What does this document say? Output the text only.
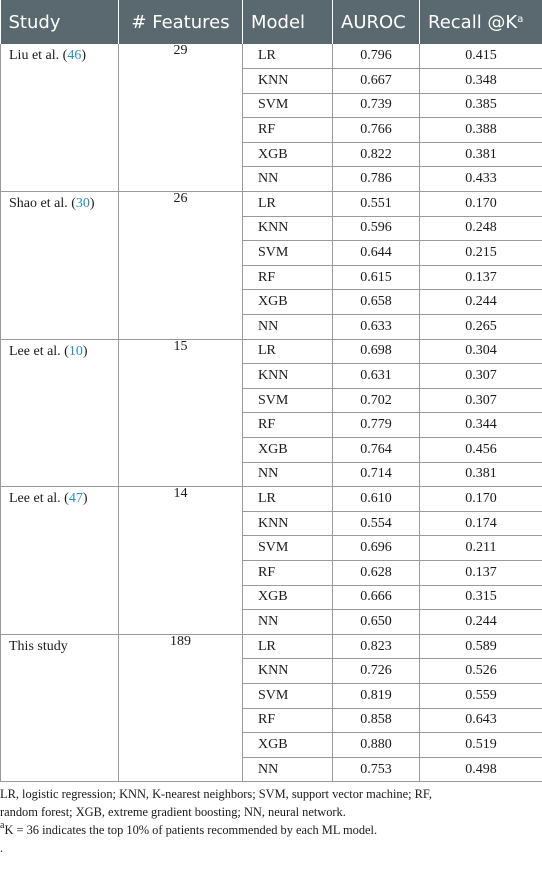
Study	# Features	Model	AUROC	Recall $@K^a$
Liu et al. (46)	29	LR	0.796	0.415
		KNN	0.667	0.348
		SVM	0.739	0.385
		RF	0.766	0.388
		XGB	0.822	0.381
		NN	0.786	0.433
Shao et al. (30)	26	LR	0.551	0.170
		KNN	0.596	0.248
		SVM	0.644	0.215
		RF	0.615	0.137
		XGB	0.658	0.244
		NN	0.633	0.265
Lee et al. (10)	15	LR	0.698	0.304
		KNN	0.631	0.307
		SVM	0.702	0.307
		RF	0.779	0.344
		XGB	0.764	0.456
		NN	0.714	0.381
Lee et al. (47)	14	LR	0.610	0.170
		KNN	0.554	0.174
		SVM	0.696	0.211
		RF	0.628	0.137
		XGB	0.666	0.315
		NN	0.650	0.244
This study	189	LR	0.823	0.589
		KNN	0.726	0.526
		SVM	0.819	0.559
		RF	0.858	0.643
		XGB	0.880	0.519
		NN	0.753	0.498

LR, logistic regression; KNN, K-nearest neighbors; SVM, support vector machine; RF,
random forest; XGB, extreme gradient boosting; NN, neural network.

$^a$K = 36 indicates the top 10% of patients recommended by each ML model.

.
